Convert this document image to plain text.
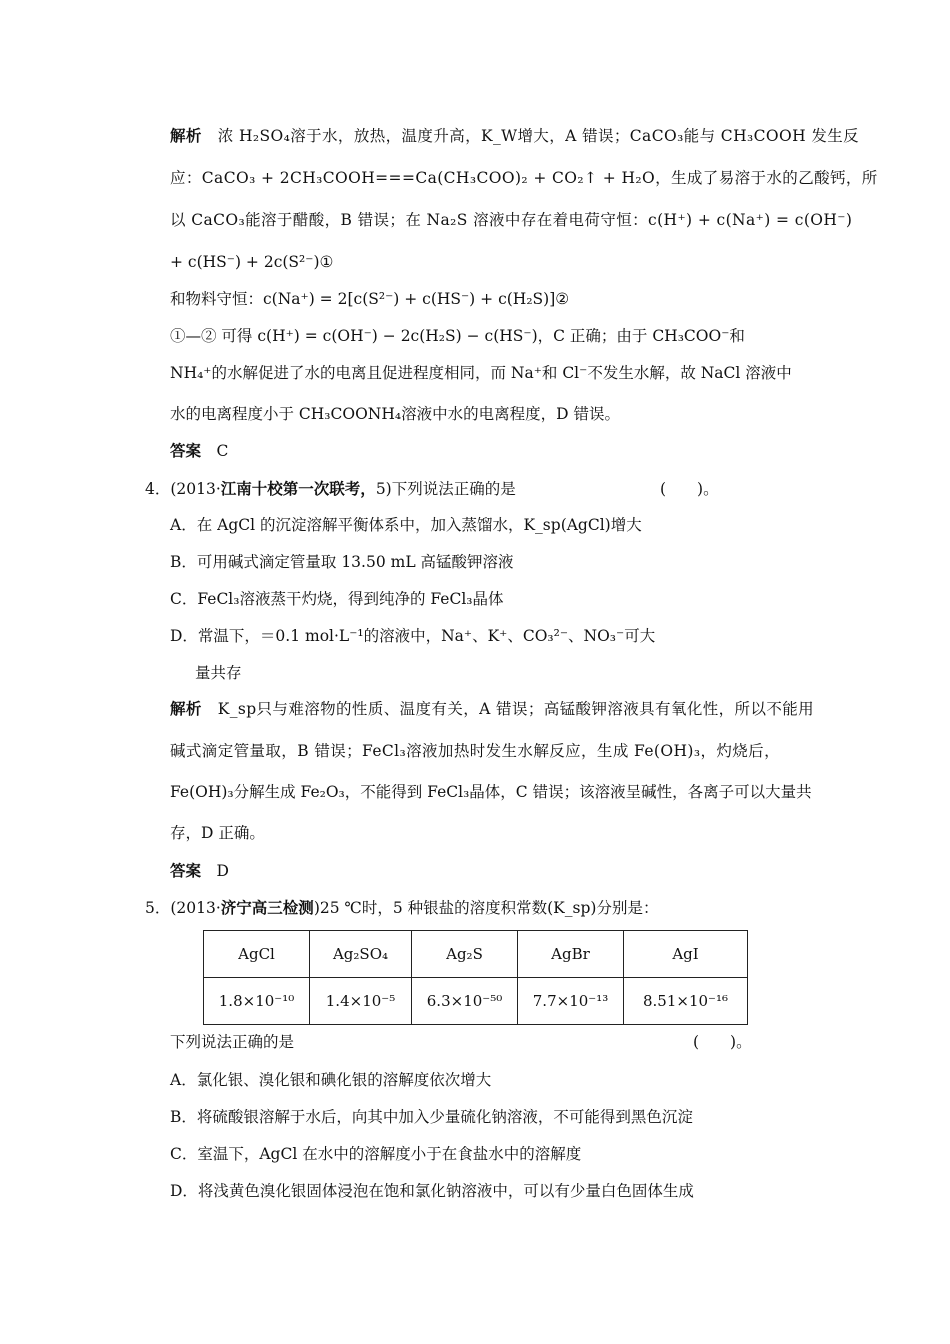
解析　 浓 H₂SO₄溶于水，放热，温度升高，K_W增大，A 错误；CaCO₃能与 CH₃COOH 发生反
应：CaCO₃ + 2CH₃COOH===Ca(CH₃COO)₂ + CO₂↑ + H₂O，生成了易溶于水的乙酸钙，所
以 CaCO₃能溶于醋酸，B 错误；在 Na₂S 溶液中存在着电荷守恒：c(H⁺) + c(Na⁺) = c(OH⁻)
+ c(HS⁻) + 2c(S²⁻)①
和物料守恒：c(Na⁺) = 2[c(S²⁻) + c(HS⁻) + c(H₂S)]②
①—② 可得 c(H⁺) = c(OH⁻) − 2c(H₂S) − c(HS⁻)，C 正确；由于 CH₃COO⁻和
NH₄⁺的水解促进了水的电离且促进程度相同，而 Na⁺和 Cl⁻不发生水解，故 NaCl 溶液中
水的电离程度小于 CH₃COONH₄溶液中水的电离程度，D 错误。
答案　 C
4．(2013·江南十校第一次联考，5)下列说法正确的是	(　　)。
A．在 AgCl 的沉淀溶解平衡体系中，加入蒸馏水，K_sp(AgCl)增大
B．可用碱式滴定管量取 13.50 mL 高锰酸钾溶液
C．FeCl₃溶液蒸干灼烧，得到纯净的 FeCl₃晶体
D．常温下，＝0.1 mol·L⁻¹的溶液中，Na⁺、K⁺、CO₃²⁻、NO₃⁻可大
量共存
解析　 K_sp只与难溶物的性质、温度有关，A 错误；高锰酸钾溶液具有氧化性，所以不能用
碱式滴定管量取，B 错误；FeCl₃溶液加热时发生水解反应，生成 Fe(OH)₃，灼烧后，
Fe(OH)₃分解生成 Fe₂O₃，不能得到 FeCl₃晶体，C 错误；该溶液呈碱性，各离子可以大量共
存，D 正确。
答案　 D
5．(2013·济宁高三检测)25 ℃时，5 种银盐的溶度积常数(K_sp)分别是：
AgCl	Ag₂SO₄	Ag₂S	AgBr	AgI
1.8×10⁻¹⁰	1.4×10⁻⁵	6.3×10⁻⁵⁰	7.7×10⁻¹³	8.51×10⁻¹⁶
下列说法正确的是	(　　)。
A．氯化银、溴化银和碘化银的溶解度依次增大
B．将硫酸银溶解于水后，向其中加入少量硫化钠溶液，不可能得到黑色沉淀
C．室温下，AgCl 在水中的溶解度小于在食盐水中的溶解度
D．将浅黄色溴化银固体浸泡在饱和氯化钠溶液中，可以有少量白色固体生成
